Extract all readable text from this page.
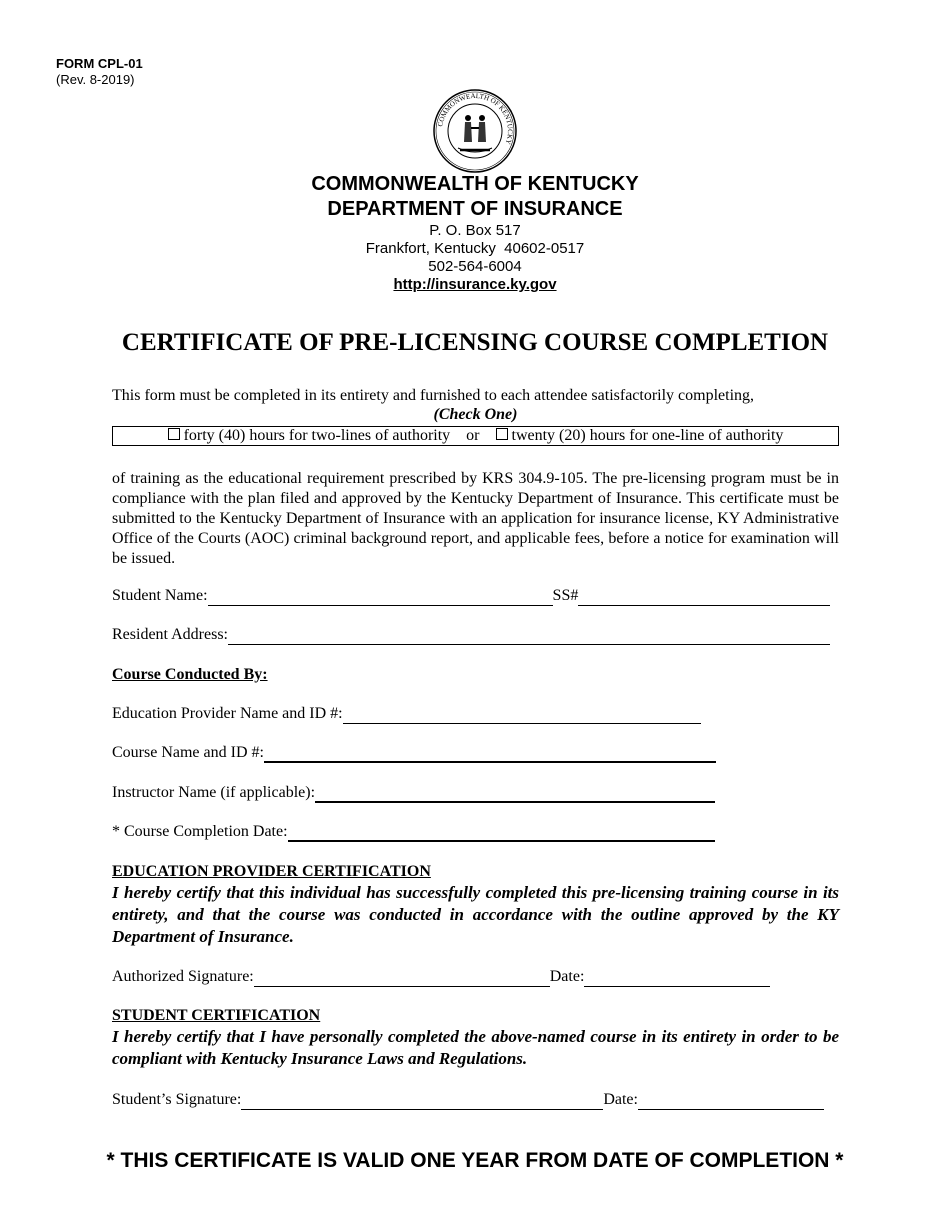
FORM CPL-01
(Rev. 8-2019)
COMMONWEALTH OF KENTUCKY
COMMONWEALTH OF KENTUCKY
DEPARTMENT OF INSURANCE
P. O. Box 517
Frankfort, Kentucky  40602-0517
502-564-6004
http://insurance.ky.gov
CERTIFICATE OF PRE-LICENSING COURSE COMPLETION
This form must be completed in its entirety and furnished to each attendee satisfactorily completing,
(Check One)
forty (40) hours for two-lines of authority or twenty (20) hours for one-line of authority
of training as the educational requirement prescribed by KRS 304.9-105. The pre-licensing program must be in compliance with the plan filed and approved by the Kentucky Department of Insurance. This certificate must be submitted to the Kentucky Department of Insurance with an application for insurance license, KY Administrative Office of the Courts (AOC) criminal background report, and applicable fees, before a notice for examination will be issued.
Student Name:	SS#
Resident Address:
Course Conducted By:
Education Provider Name and ID #:
Course Name and ID #:
Instructor Name (if applicable):
* Course Completion Date:
EDUCATION PROVIDER CERTIFICATION
I hereby certify that this individual has successfully completed this pre-licensing training course in its entirety, and that the course was conducted in accordance with the outline approved by the KY Department of Insurance.
Authorized Signature:	Date:
STUDENT CERTIFICATION
I hereby certify that I have personally completed the above-named course in its entirety in order to be compliant with Kentucky Insurance Laws and Regulations.
Student’s Signature:	Date:
* THIS CERTIFICATE IS VALID ONE YEAR FROM DATE OF COMPLETION *
